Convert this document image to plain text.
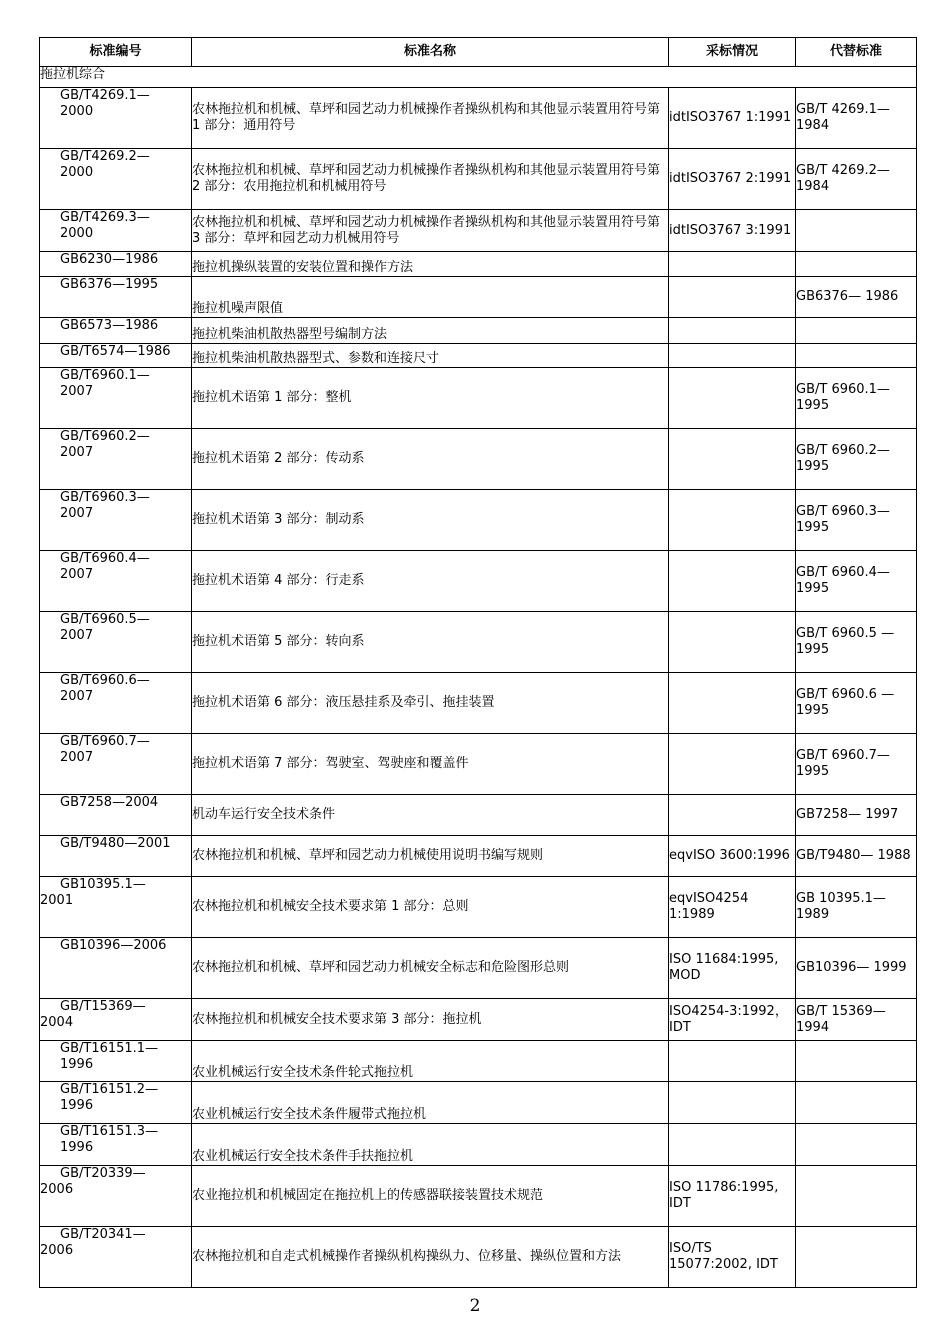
标准编号	标准名称	采标情况	代替标准
拖拉机综合			

GB/T4269.1—
2000	农林拖拉机和机械、草坪和园艺动力机械操作者操纵机构和其他显示装置用符号第 1 部分：通用符号	idtISO3767 1:1991	GB/T 4269.1— 1984

GB/T4269.2—
2000	农林拖拉机和机械、草坪和园艺动力机械操作者操纵机构和其他显示装置用符号第 2 部分：农用拖拉机和机械用符号	idtISO3767 2:1991	GB/T 4269.2— 1984

GB/T4269.3—
2000	农林拖拉机和机械、草坪和园艺动力机械操作者操纵机构和其他显示装置用符号第 3 部分：草坪和园艺动力机械用符号	idtISO3767 3:1991	

GB6230—1986	拖拉机操纵装置的安装位置和操作方法		

GB6376—1995	拖拉机噪声限值		GB6376— 1986

GB6573—1986	拖拉机柴油机散热器型号编制方法		

GB/T6574—1986	拖拉机柴油机散热器型式、参数和连接尺寸		

GB/T6960.1—
2007	拖拉机术语第 1 部分：整机		GB/T 6960.1— 1995

GB/T6960.2—
2007	拖拉机术语第 2 部分：传动系		GB/T 6960.2— 1995

GB/T6960.3—
2007	拖拉机术语第 3 部分：制动系		GB/T 6960.3— 1995

GB/T6960.4—
2007	拖拉机术语第 4 部分：行走系		GB/T 6960.4— 1995

GB/T6960.5—
2007	拖拉机术语第 5 部分：转向系		GB/T 6960.5 — 1995

GB/T6960.6—
2007	拖拉机术语第 6 部分：液压悬挂系及牵引、拖挂装置		GB/T 6960.6 — 1995

GB/T6960.7—
2007	拖拉机术语第 7 部分：驾驶室、驾驶座和覆盖件		GB/T 6960.7— 1995

GB7258—2004	机动车运行安全技术条件		GB7258— 1997

GB/T9480—2001	农林拖拉机和机械、草坪和园艺动力机械使用说明书编写规则	eqvISO 3600:1996	GB/T9480— 1988

GB10395.1—
2001	农林拖拉机和机械安全技术要求第 1 部分：总则	eqvISO4254 1:1989	GB 10395.1— 1989

GB10396—2006	农林拖拉机和机械、草坪和园艺动力机械安全标志和危险图形总则	ISO 11684:1995, MOD	GB10396— 1999

GB/T15369—
2004	农林拖拉机和机械安全技术要求第 3 部分：拖拉机	ISO4254-3:1992，IDT	GB/T 15369— 1994

GB/T16151.1—
1996	农业机械运行安全技术条件轮式拖拉机		

GB/T16151.2—
1996	农业机械运行安全技术条件履带式拖拉机		

GB/T16151.3—
1996	农业机械运行安全技术条件手扶拖拉机		

GB/T20339—
2006	农业拖拉机和机械固定在拖拉机上的传感器联接装置技术规范	ISO 11786:1995, IDT	

GB/T20341—
2006	农林拖拉机和自走式机械操作者操纵机构操纵力、位移量、操纵位置和方法	ISO/TS 15077:2002, IDT	

2
